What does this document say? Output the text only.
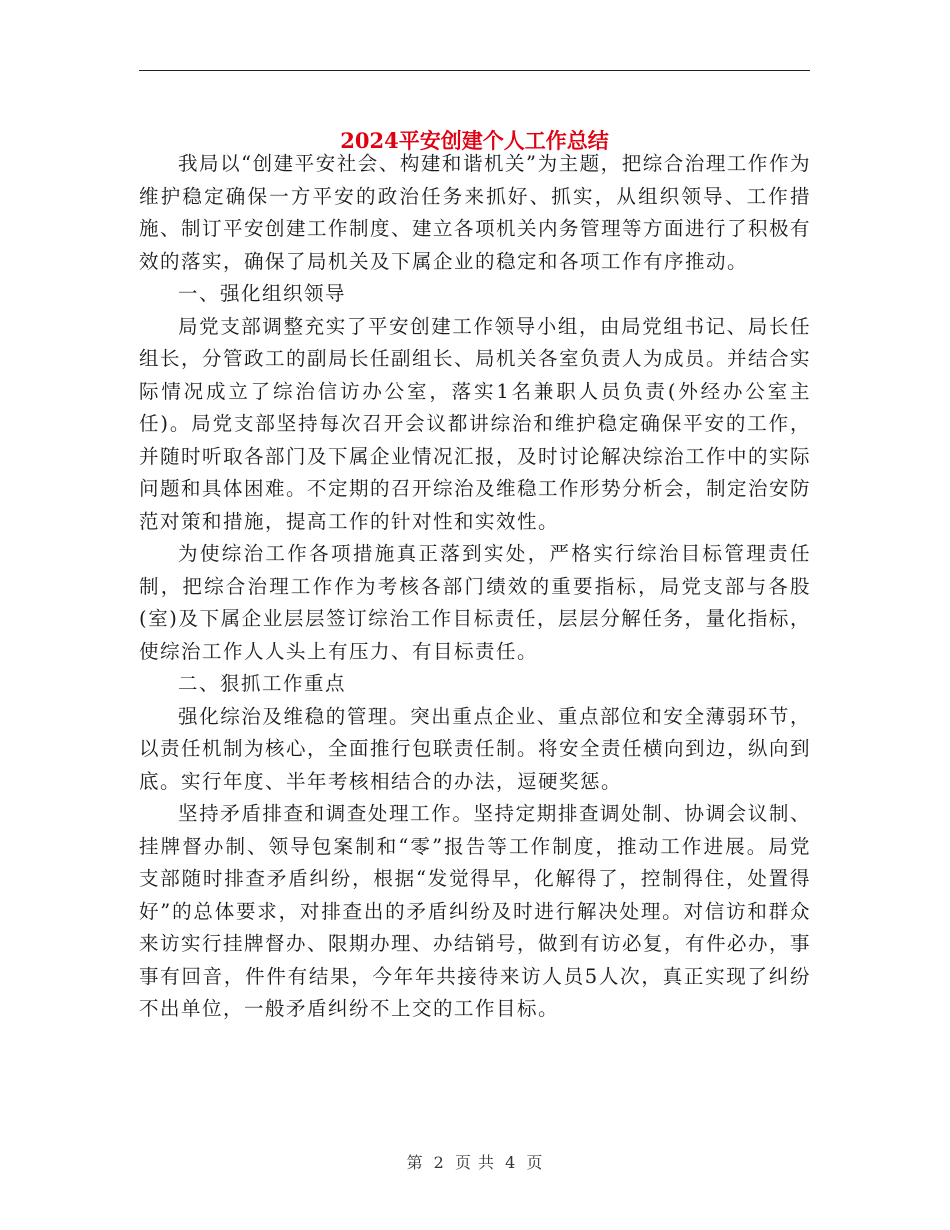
2024平安创建个人工作总结

我局以“创建平安社会、构建和谐机关”为主题，把综合治理工作作为维护稳定确保一方平安的政治任务来抓好、抓实，从组织领导、工作措施、制订平安创建工作制度、建立各项机关内务管理等方面进行了积极有效的落实，确保了局机关及下属企业的稳定和各项工作有序推动。

一、强化组织领导

局党支部调整充实了平安创建工作领导小组，由局党组书记、局长任组长，分管政工的副局长任副组长、局机关各室负责人为成员。并结合实际情况成立了综治信访办公室，落实1名兼职人员负责(外经办公室主任)。局党支部坚持每次召开会议都讲综治和维护稳定确保平安的工作，并随时听取各部门及下属企业情况汇报，及时讨论解决综治工作中的实际问题和具体困难。不定期的召开综治及维稳工作形势分析会，制定治安防范对策和措施，提高工作的针对性和实效性。

为使综治工作各项措施真正落到实处，严格实行综治目标管理责任制，把综合治理工作作为考核各部门绩效的重要指标，局党支部与各股(室)及下属企业层层签订综治工作目标责任，层层分解任务，量化指标，使综治工作人人头上有压力、有目标责任。

二、狠抓工作重点

强化综治及维稳的管理。突出重点企业、重点部位和安全薄弱环节，以责任机制为核心，全面推行包联责任制。将安全责任横向到边，纵向到底。实行年度、半年考核相结合的办法，逗硬奖惩。

坚持矛盾排查和调查处理工作。坚持定期排查调处制、协调会议制、挂牌督办制、领导包案制和“零”报告等工作制度，推动工作进展。局党支部随时排查矛盾纠纷，根据“发觉得早，化解得了，控制得住，处置得好”的总体要求，对排查出的矛盾纠纷及时进行解决处理。对信访和群众来访实行挂牌督办、限期办理、办结销号，做到有访必复，有件必办，事事有回音，件件有结果，今年年共接待来访人员5人次，真正实现了纠纷不出单位，一般矛盾纠纷不上交的工作目标。

第 2 页 共 4 页
